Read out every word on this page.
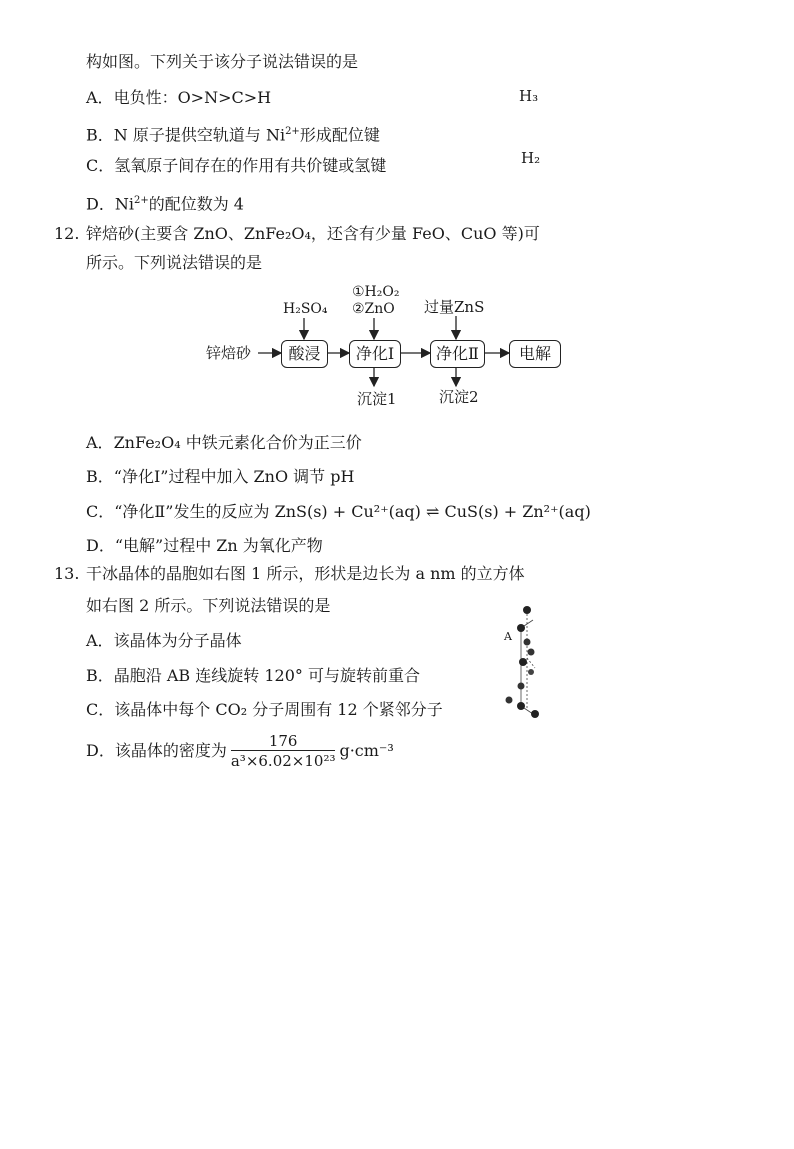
构如图。下列关于该分子说法错误的是
H₃
H₂
A．电负性：O>N>C>H
B．N 原子提供空轨道与 $Ni^{2+}$形成配位键
C．氢氧原子间存在的作用有共价键或氢键
D．$Ni^{2+}$的配位数为 4
12. 锌焙砂(主要含 ZnO、ZnFe₂O₄，还含有少量 FeO、CuO 等)可
所示。下列说法错误的是
锌焙砂	酸浸	净化Ⅰ	净化Ⅱ	电解
H₂SO₄
①H₂O₂
②ZnO 过量ZnS
沉淀1	沉淀2
A．ZnFe₂O₄ 中铁元素化合价为正三价
B．“净化Ⅰ”过程中加入 ZnO 调节 pH
C．“净化Ⅱ”发生的反应为 ZnS(s) + Cu²⁺(aq) ⇌ CuS(s) + Zn²⁺(aq)
D．“电解”过程中 Zn 为氧化产物
13. 干冰晶体的晶胞如右图 1 所示，形状是边长为 a nm 的立方体
如右图 2 所示。下列说法错误的是
A
A．该晶体为分子晶体
B．晶胞沿 AB 连线旋转 120° 可与旋转前重合
C．该晶体中每个 CO₂ 分子周围有 12 个紧邻分子
D．该晶体的密度为 $\frac{176}{\text{a³×6.02×10²³}} g\cdot cm^{-3}$
